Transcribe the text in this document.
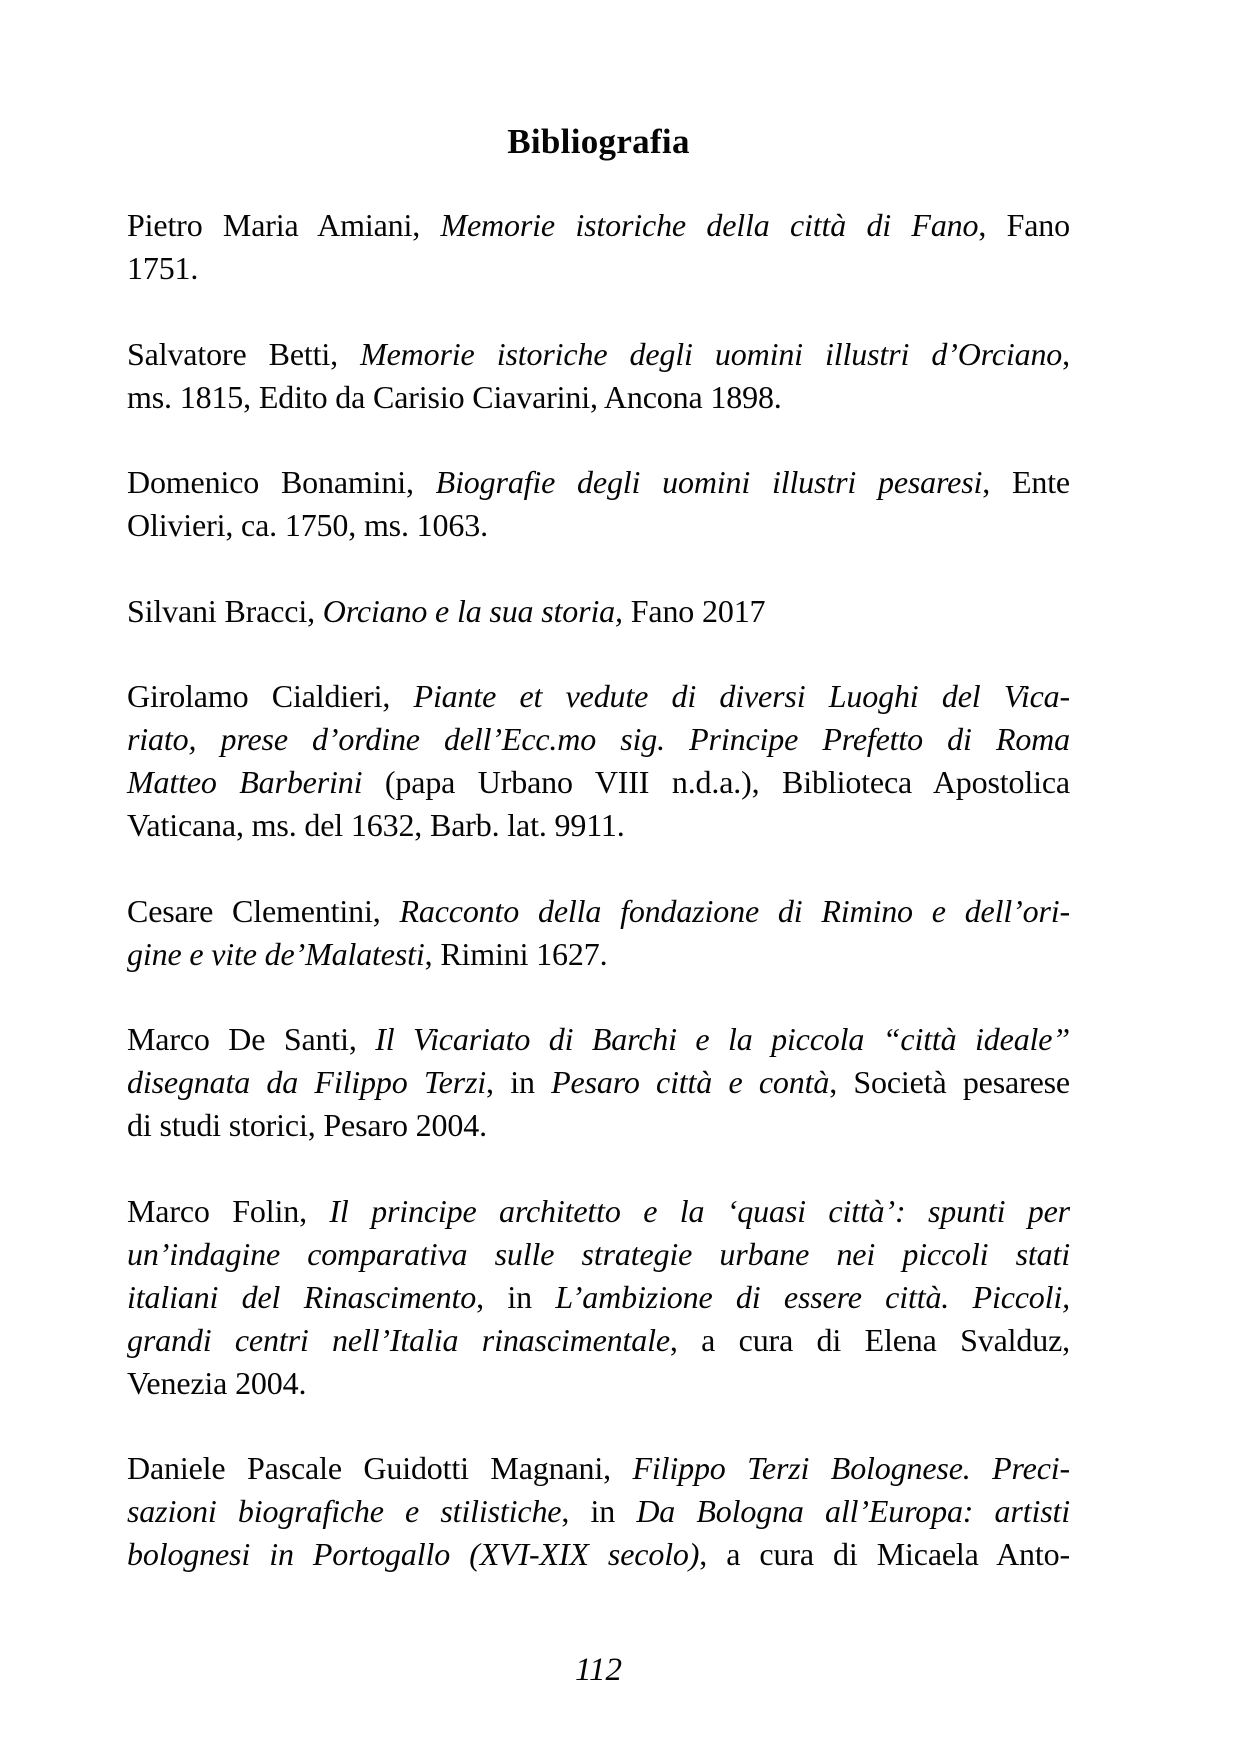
Bibliografia
Pietro Maria Amiani, Memorie istoriche della città di Fano, Fano
1751.
Salvatore Betti, Memorie istoriche degli uomini illustri d’Orciano,
ms. 1815, Edito da Carisio Ciavarini, Ancona 1898.
Domenico Bonamini, Biografie degli uomini illustri pesaresi, Ente
Olivieri, ca. 1750, ms. 1063.
Silvani Bracci, Orciano e la sua storia, Fano 2017
Girolamo Cialdieri, Piante et vedute di diversi Luoghi del Vica-
riato, prese d’ordine dell’Ecc.mo sig. Principe Prefetto di Roma
Matteo Barberini (papa Urbano VIII n.d.a.), Biblioteca Apostolica
Vaticana, ms. del 1632, Barb. lat. 9911.
Cesare Clementini, Racconto della fondazione di Rimino e dell’ori-
gine e vite de’Malatesti, Rimini 1627.
Marco De Santi, Il Vicariato di Barchi e la piccola “città ideale”
disegnata da Filippo Terzi, in Pesaro città e contà, Società pesarese
di studi storici, Pesaro 2004.
Marco Folin, Il principe architetto e la ‘quasi città’: spunti per
un’indagine comparativa sulle strategie urbane nei piccoli stati
italiani del Rinascimento, in L’ambizione di essere città. Piccoli,
grandi centri nell’Italia rinascimentale, a cura di Elena Svalduz,
Venezia 2004.
Daniele Pascale Guidotti Magnani, Filippo Terzi Bolognese. Preci-
sazioni biografiche e stilistiche, in Da Bologna all’Europa: artisti
bolognesi in Portogallo (XVI-XIX secolo), a cura di Micaela Anto-
112
